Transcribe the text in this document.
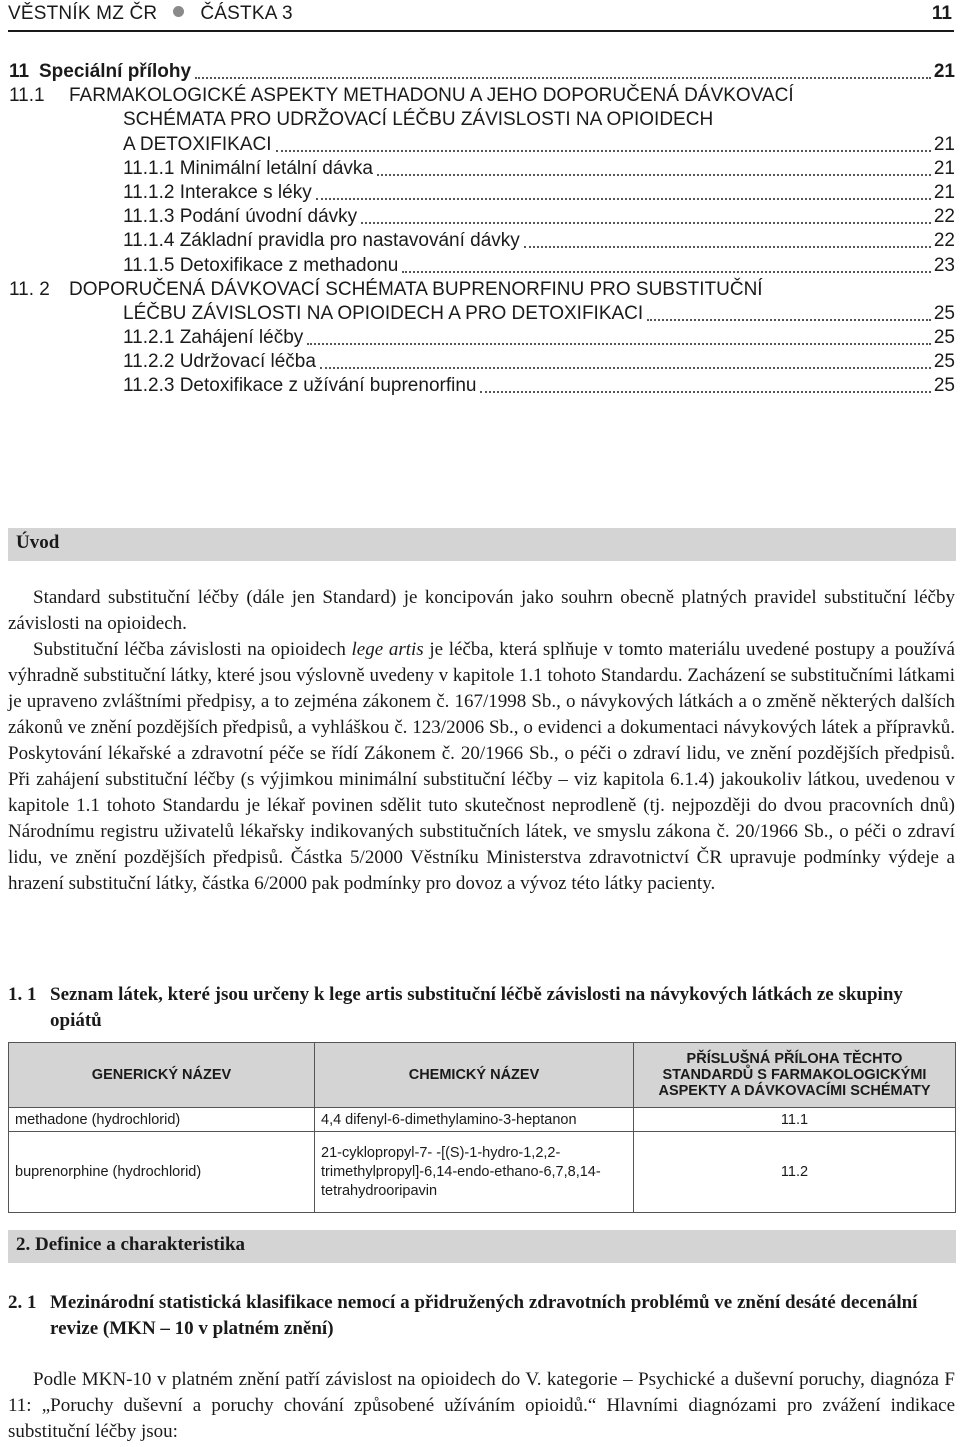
VĚSTNÍK MZ ČR ČÁSTKA 3	11
11 Speciální přílohy	21
11.1 FARMAKOLOGICKÉ ASPEKTY METHADONU A JEHO DOPORUČENÁ DÁVKOVACÍ
SCHÉMATA PRO UDRŽOVACÍ LÉČBU ZÁVISLOSTI NA OPIOIDECH
A DETOXIFIKACI	21
11.1.1 Minimální letální dávka	21
11.1.2 Interakce s léky	21
11.1.3 Podání úvodní dávky	22
11.1.4 Základní pravidla pro nastavování dávky	22
11.1.5 Detoxifikace z methadonu	23
11. 2 DOPORUČENÁ DÁVKOVACÍ SCHÉMATA BUPRENORFINU PRO SUBSTITUČNÍ
LÉČBU ZÁVISLOSTI NA OPIOIDECH A PRO DETOXIFIKACI	25
11.2.1 Zahájení léčby	25
11.2.2 Udržovací léčba	25
11.2.3 Detoxifikace z užívání buprenorfinu	25
Úvod
Standard substituční léčby (dále jen Standard) je koncipován jako souhrn obecně platných pravidel substituční léčby závislosti na opioidech.
Substituční léčba závislosti na opioidech lege artis je léčba, která splňuje v tomto materiálu uvedené postupy a používá výhradně substituční látky, které jsou výslovně uvedeny v kapitole 1.1 tohoto Standardu. Zacházení se substitučními látkami je upraveno zvláštními předpisy, a to zejména zákonem č. 167/1998 Sb., o návykových látkách a o změně některých dalších zákonů ve znění pozdějších předpisů, a vyhláškou č. 123/2006 Sb., o evidenci a dokumentaci návykových látek a přípravků. Poskytování lékařské a zdravotní péče se řídí Zákonem č. 20/1966 Sb., o péči o zdraví lidu, ve znění pozdějších předpisů. Při zahájení substituční léčby (s výjimkou minimální substituční léčby – viz kapitola 6.1.4) jakoukoliv látkou, uvedenou v kapitole 1.1 tohoto Standardu je lékař povinen sdělit tuto skutečnost neprodleně (tj. nejpozději do dvou pracovních dnů) Národnímu registru uživatelů lékařsky indikovaných substitučních látek, ve smyslu zákona č. 20/1966 Sb., o péči o zdraví lidu, ve znění pozdějších předpisů. Částka 5/2000 Věstníku Ministerstva zdravotnictví ČR upravuje podmínky výdeje a hrazení substituční látky, částka 6/2000 pak podmínky pro dovoz a vývoz této látky pacienty.
1. 1 Seznam látek, které jsou určeny k lege artis substituční léčbě závislosti na návykových látkách ze skupiny opiátů
GENERICKÝ NÁZEV	CHEMICKÝ NÁZEV	PŘÍSLUŠNÁ PŘÍLOHA TĚCHTO STANDARDŮ S FARMAKOLOGICKÝMI ASPEKTY A DÁVKOVACÍMI SCHÉMATY
methadone (hydrochlorid)	4,4 difenyl-6-dimethylamino-3-heptanon	11.1
buprenorphine (hydrochlorid)	21-cyklopropyl-7- -[(S)-1-hydro-1,2,2-trimethylpropyl]-6,14-endo-ethano-6,7,8,14-tetrahydrooripavin	11.2
2. Definice a charakteristika
2. 1 Mezinárodní statistická klasifikace nemocí a přidružených zdravotních problémů ve znění desáté decenální revize (MKN – 10 v platném znění)
Podle MKN-10 v platném znění patří závislost na opioidech do V. kategorie – Psychické a duševní poruchy, diagnóza F 11: „Poruchy duševní a poruchy chování způsobené užíváním opioidů.“ Hlavními diagnózami pro zvážení indikace substituční léčby jsou:
